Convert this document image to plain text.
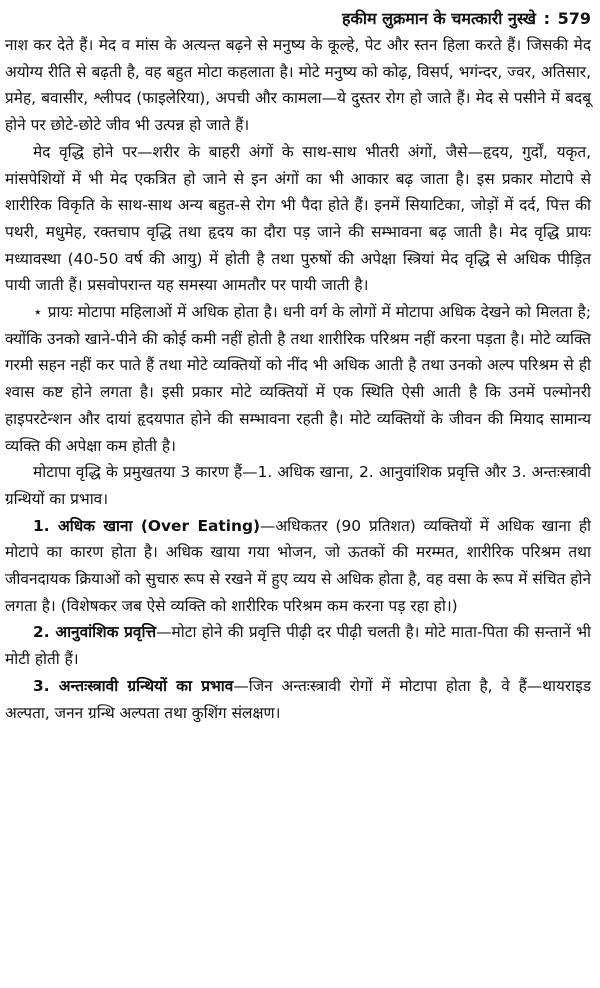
हकीम लुक्रमान के चमत्कारी नुस्खे : 579

नाश कर देते हैं। मेद व मांस के अत्यन्त बढ़ने से मनुष्य के कूल्हे, पेट और स्तन हिला करते हैं। जिसकी मेद अयोग्य रीति से बढ़ती है, वह बहुत मोटा कहलाता है। मोटे मनुष्य को कोढ़, विसर्प, भगंन्दर, ज्वर, अतिसार, प्रमेह, बवासीर, श्लीपद (फाइलेरिया), अपची और कामला—ये दुस्तर रोग हो जाते हैं। मेद से पसीने में बदबू होने पर छोटे-छोटे जीव भी उत्पन्न हो जाते हैं।

मेद वृद्धि होने पर—शरीर के बाहरी अंगों के साथ-साथ भीतरी अंगों, जैसे—हृदय, गुर्दों, यकृत, मांसपेशियों में भी मेद एकत्रित हो जाने से इन अंगों का भी आकार बढ़ जाता है। इस प्रकार मोटापे से शारीरिक विकृति के साथ-साथ अन्य बहुत-से रोग भी पैदा होते हैं। इनमें सियाटिका, जोड़ों में दर्द, पित्त की पथरी, मधुमेह, रक्तचाप वृद्धि तथा हृदय का दौरा पड़ जाने की सम्भावना बढ़ जाती है। मेद वृद्धि प्रायः मध्यावस्था (40-50 वर्ष की आयु) में होती है तथा पुरुषों की अपेक्षा स्त्रियां मेद वृद्धि से अधिक पीड़ित पायी जाती हैं। प्रसवोपरान्त यह समस्या आमतौर पर पायी जाती है।

⋆ प्रायः मोटापा महिलाओं में अधिक होता है। धनी वर्ग के लोगों में मोटापा अधिक देखने को मिलता है; क्योंकि उनको खाने-पीने की कोई कमी नहीं होती है तथा शारीरिक परिश्रम नहीं करना पड़ता है। मोटे व्यक्ति गरमी सहन नहीं कर पाते हैं तथा मोटे व्यक्तियों को नींद भी अधिक आती है तथा उनको अल्प परिश्रम से ही श्वास कष्ट होने लगता है। इसी प्रकार मोटे व्यक्तियों में एक स्थिति ऐसी आती है कि उनमें पल्मोनरी हाइपरटेन्शन और दायां हृदयपात होने की सम्भावना रहती है। मोटे व्यक्तियों के जीवन की मियाद सामान्य व्यक्ति की अपेक्षा कम होती है।

मोटापा वृद्धि के प्रमुखतया 3 कारण हैं—1. अधिक खाना, 2. आनुवांशिक प्रवृत्ति और 3. अन्तःस्त्रावी ग्रन्थियों का प्रभाव।

1. अधिक खाना (Over Eating)—अधिकतर (90 प्रतिशत) व्यक्तियों में अधिक खाना ही मोटापे का कारण होता है। अधिक खाया गया भोजन, जो ऊतकों की मरम्मत, शारीरिक परिश्रम तथा जीवनदायक क्रियाओं को सुचारु रूप से रखने में हुए व्यय से अधिक होता है, वह वसा के रूप में संचित होने लगता है। (विशेषकर जब ऐसे व्यक्ति को शारीरिक परिश्रम कम करना पड़ रहा हो।)

2. आनुवांशिक प्रवृत्ति—मोटा होने की प्रवृत्ति पीढ़ी दर पीढ़ी चलती है। मोटे माता-पिता की सन्तानें भी मोटी होती हैं।

3. अन्तःस्त्रावी ग्रन्थियों का प्रभाव—जिन अन्तःस्त्रावी रोगों में मोटापा होता है, वे हैं—थायराइड अल्पता, जनन ग्रन्थि अल्पता तथा कुशिंग संलक्षण।
